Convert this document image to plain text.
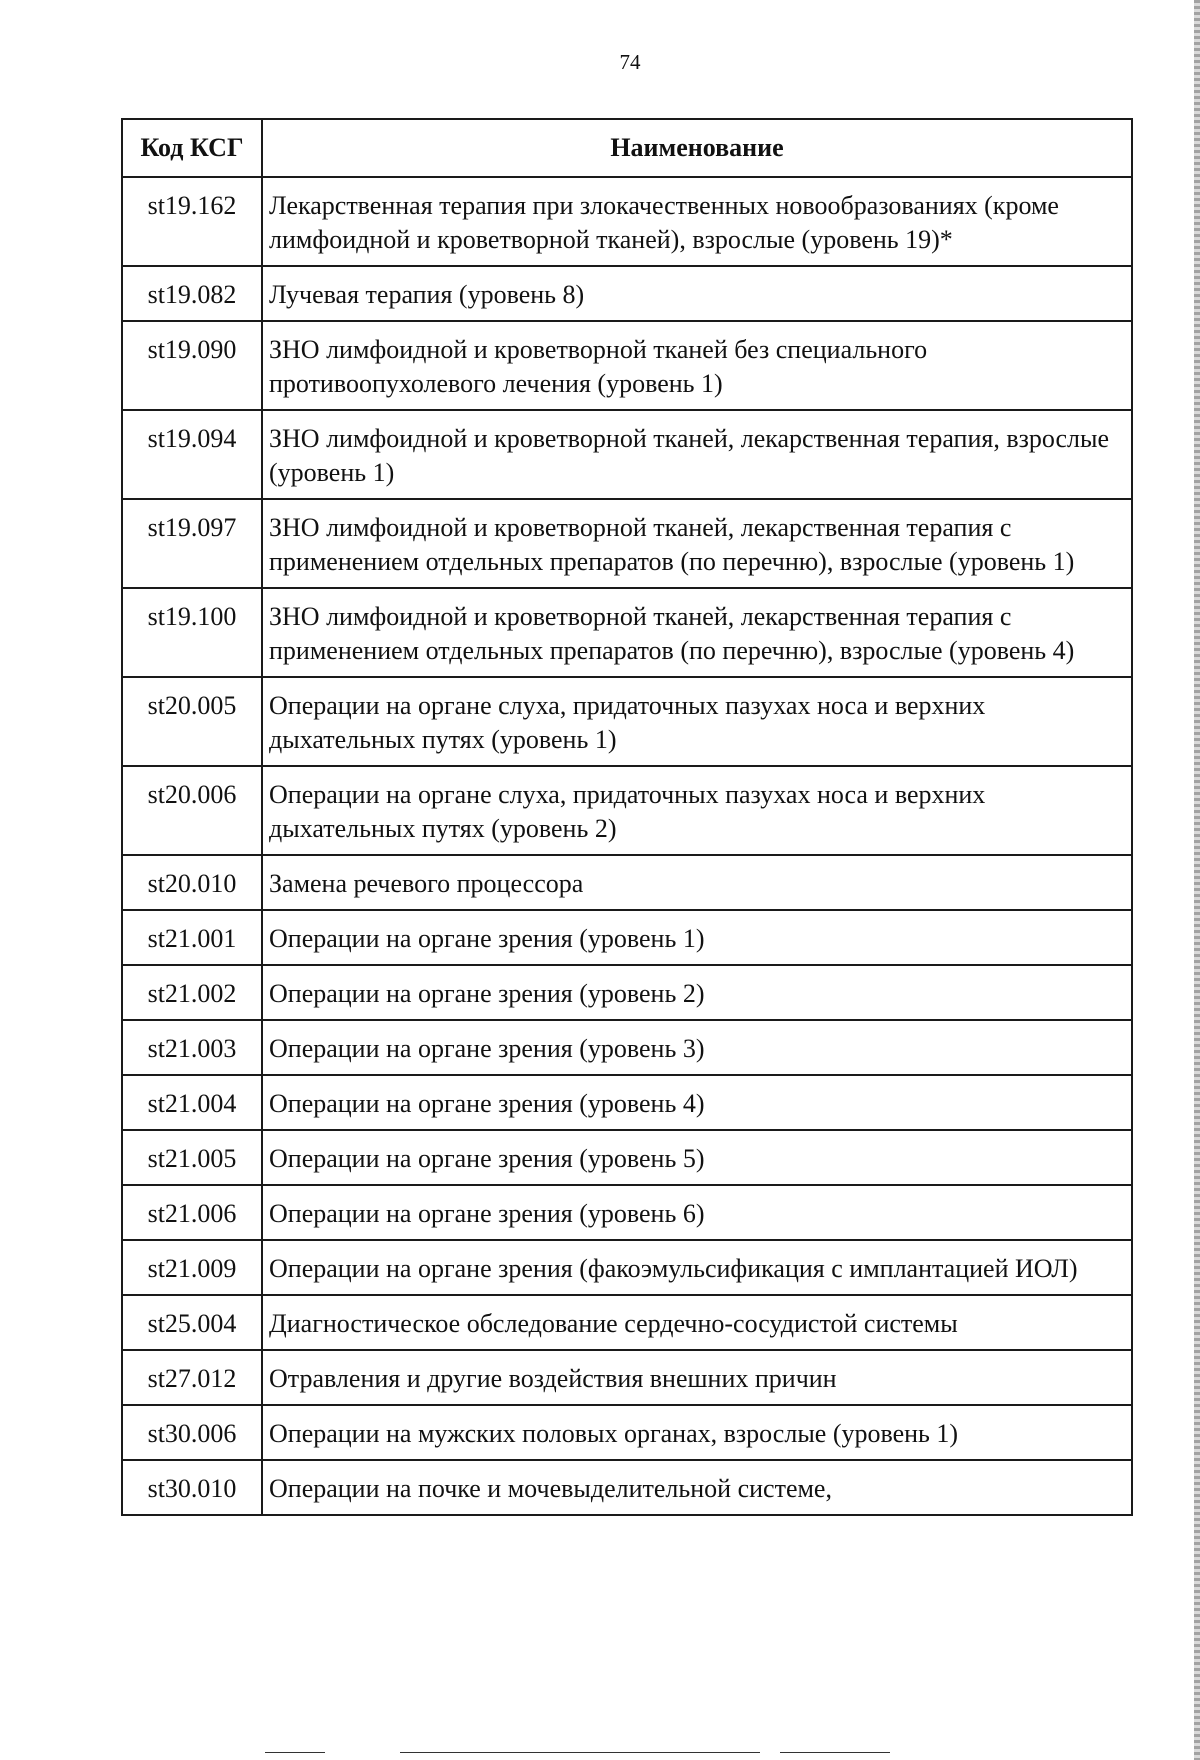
74
Код КСГ	Наименование
st19.162	Лекарственная терапия при злокачественных новообразованиях (кроме лимфоидной и кроветворной тканей), взрослые (уровень 19)*
st19.082	Лучевая терапия (уровень 8)
st19.090	ЗНО лимфоидной и кроветворной тканей без специального противоопухолевого лечения (уровень 1)
st19.094	ЗНО лимфоидной и кроветворной тканей, лекарственная терапия, взрослые (уровень 1)
st19.097	ЗНО лимфоидной и кроветворной тканей, лекарственная терапия с применением отдельных препаратов (по перечню), взрослые (уровень 1)
st19.100	ЗНО лимфоидной и кроветворной тканей, лекарственная терапия с применением отдельных препаратов (по перечню), взрослые (уровень 4)
st20.005	Операции на органе слуха, придаточных пазухах носа и верхних дыхательных путях (уровень 1)
st20.006	Операции на органе слуха, придаточных пазухах носа и верхних дыхательных путях (уровень 2)
st20.010	Замена речевого процессора
st21.001	Операции на органе зрения (уровень 1)
st21.002	Операции на органе зрения (уровень 2)
st21.003	Операции на органе зрения (уровень 3)
st21.004	Операции на органе зрения (уровень 4)
st21.005	Операции на органе зрения (уровень 5)
st21.006	Операции на органе зрения (уровень 6)
st21.009	Операции на органе зрения (факоэмульсификация с имплантацией ИОЛ)
st25.004	Диагностическое обследование сердечно-сосудистой системы
st27.012	Отравления и другие воздействия внешних причин
st30.006	Операции на мужских половых органах, взрослые (уровень 1)
st30.010	Операции на почке и мочевыделительной системе,
